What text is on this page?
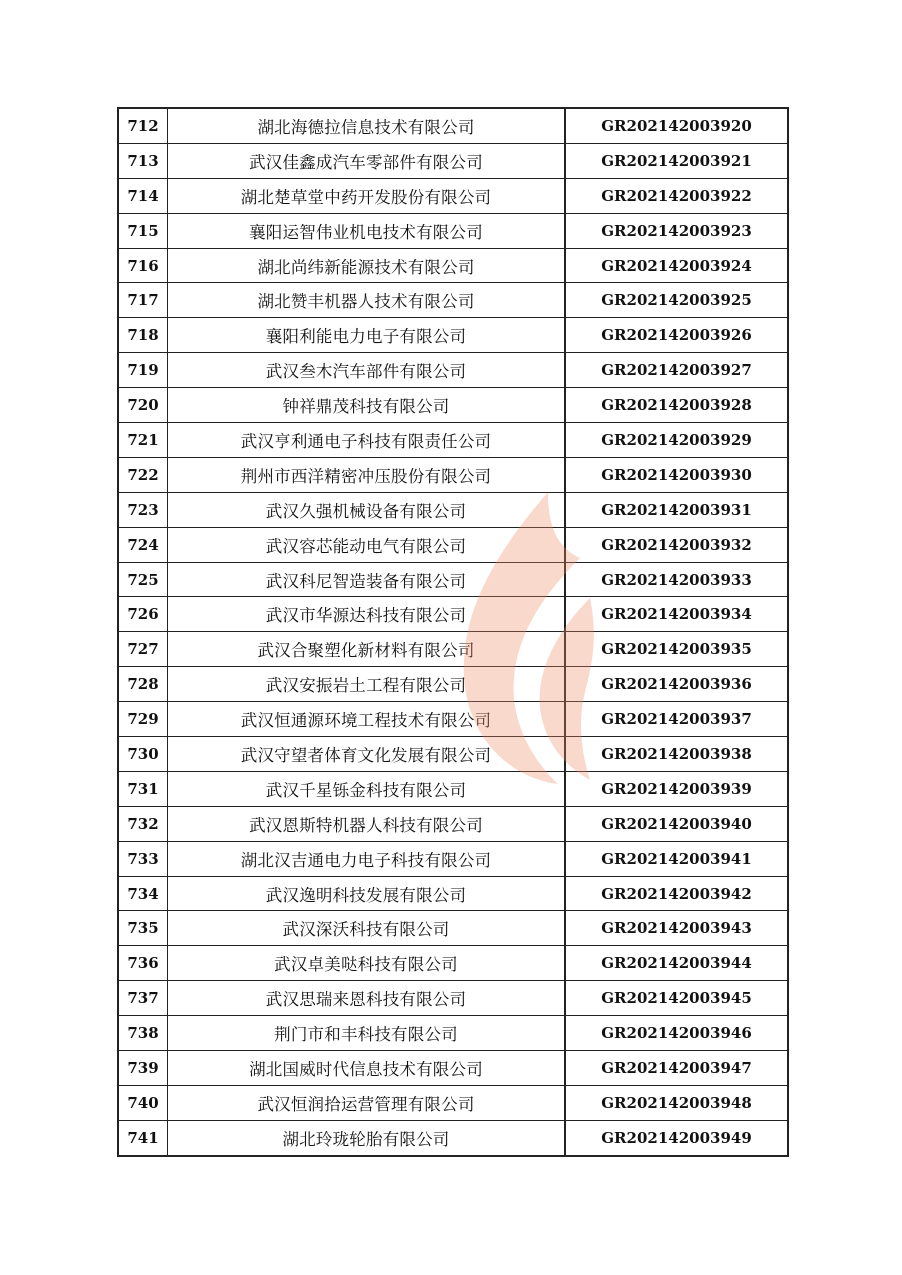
712	湖北海德拉信息技术有限公司	GR202142003920
713	武汉佳鑫成汽车零部件有限公司	GR202142003921
714	湖北楚草堂中药开发股份有限公司	GR202142003922
715	襄阳运智伟业机电技术有限公司	GR202142003923
716	湖北尚纬新能源技术有限公司	GR202142003924
717	湖北赞丰机器人技术有限公司	GR202142003925
718	襄阳利能电力电子有限公司	GR202142003926
719	武汉叁木汽车部件有限公司	GR202142003927
720	钟祥鼎茂科技有限公司	GR202142003928
721	武汉亨利通电子科技有限责任公司	GR202142003929
722	荆州市西洋精密冲压股份有限公司	GR202142003930
723	武汉久强机械设备有限公司	GR202142003931
724	武汉容芯能动电气有限公司	GR202142003932
725	武汉科尼智造装备有限公司	GR202142003933
726	武汉市华源达科技有限公司	GR202142003934
727	武汉合聚塑化新材料有限公司	GR202142003935
728	武汉安振岩土工程有限公司	GR202142003936
729	武汉恒通源环境工程技术有限公司	GR202142003937
730	武汉守望者体育文化发展有限公司	GR202142003938
731	武汉千星铄金科技有限公司	GR202142003939
732	武汉恩斯特机器人科技有限公司	GR202142003940
733	湖北汉吉通电力电子科技有限公司	GR202142003941
734	武汉逸明科技发展有限公司	GR202142003942
735	武汉深沃科技有限公司	GR202142003943
736	武汉卓美哒科技有限公司	GR202142003944
737	武汉思瑞来恩科技有限公司	GR202142003945
738	荆门市和丰科技有限公司	GR202142003946
739	湖北国威时代信息技术有限公司	GR202142003947
740	武汉恒润拾运营管理有限公司	GR202142003948
741	湖北玲珑轮胎有限公司	GR202142003949
